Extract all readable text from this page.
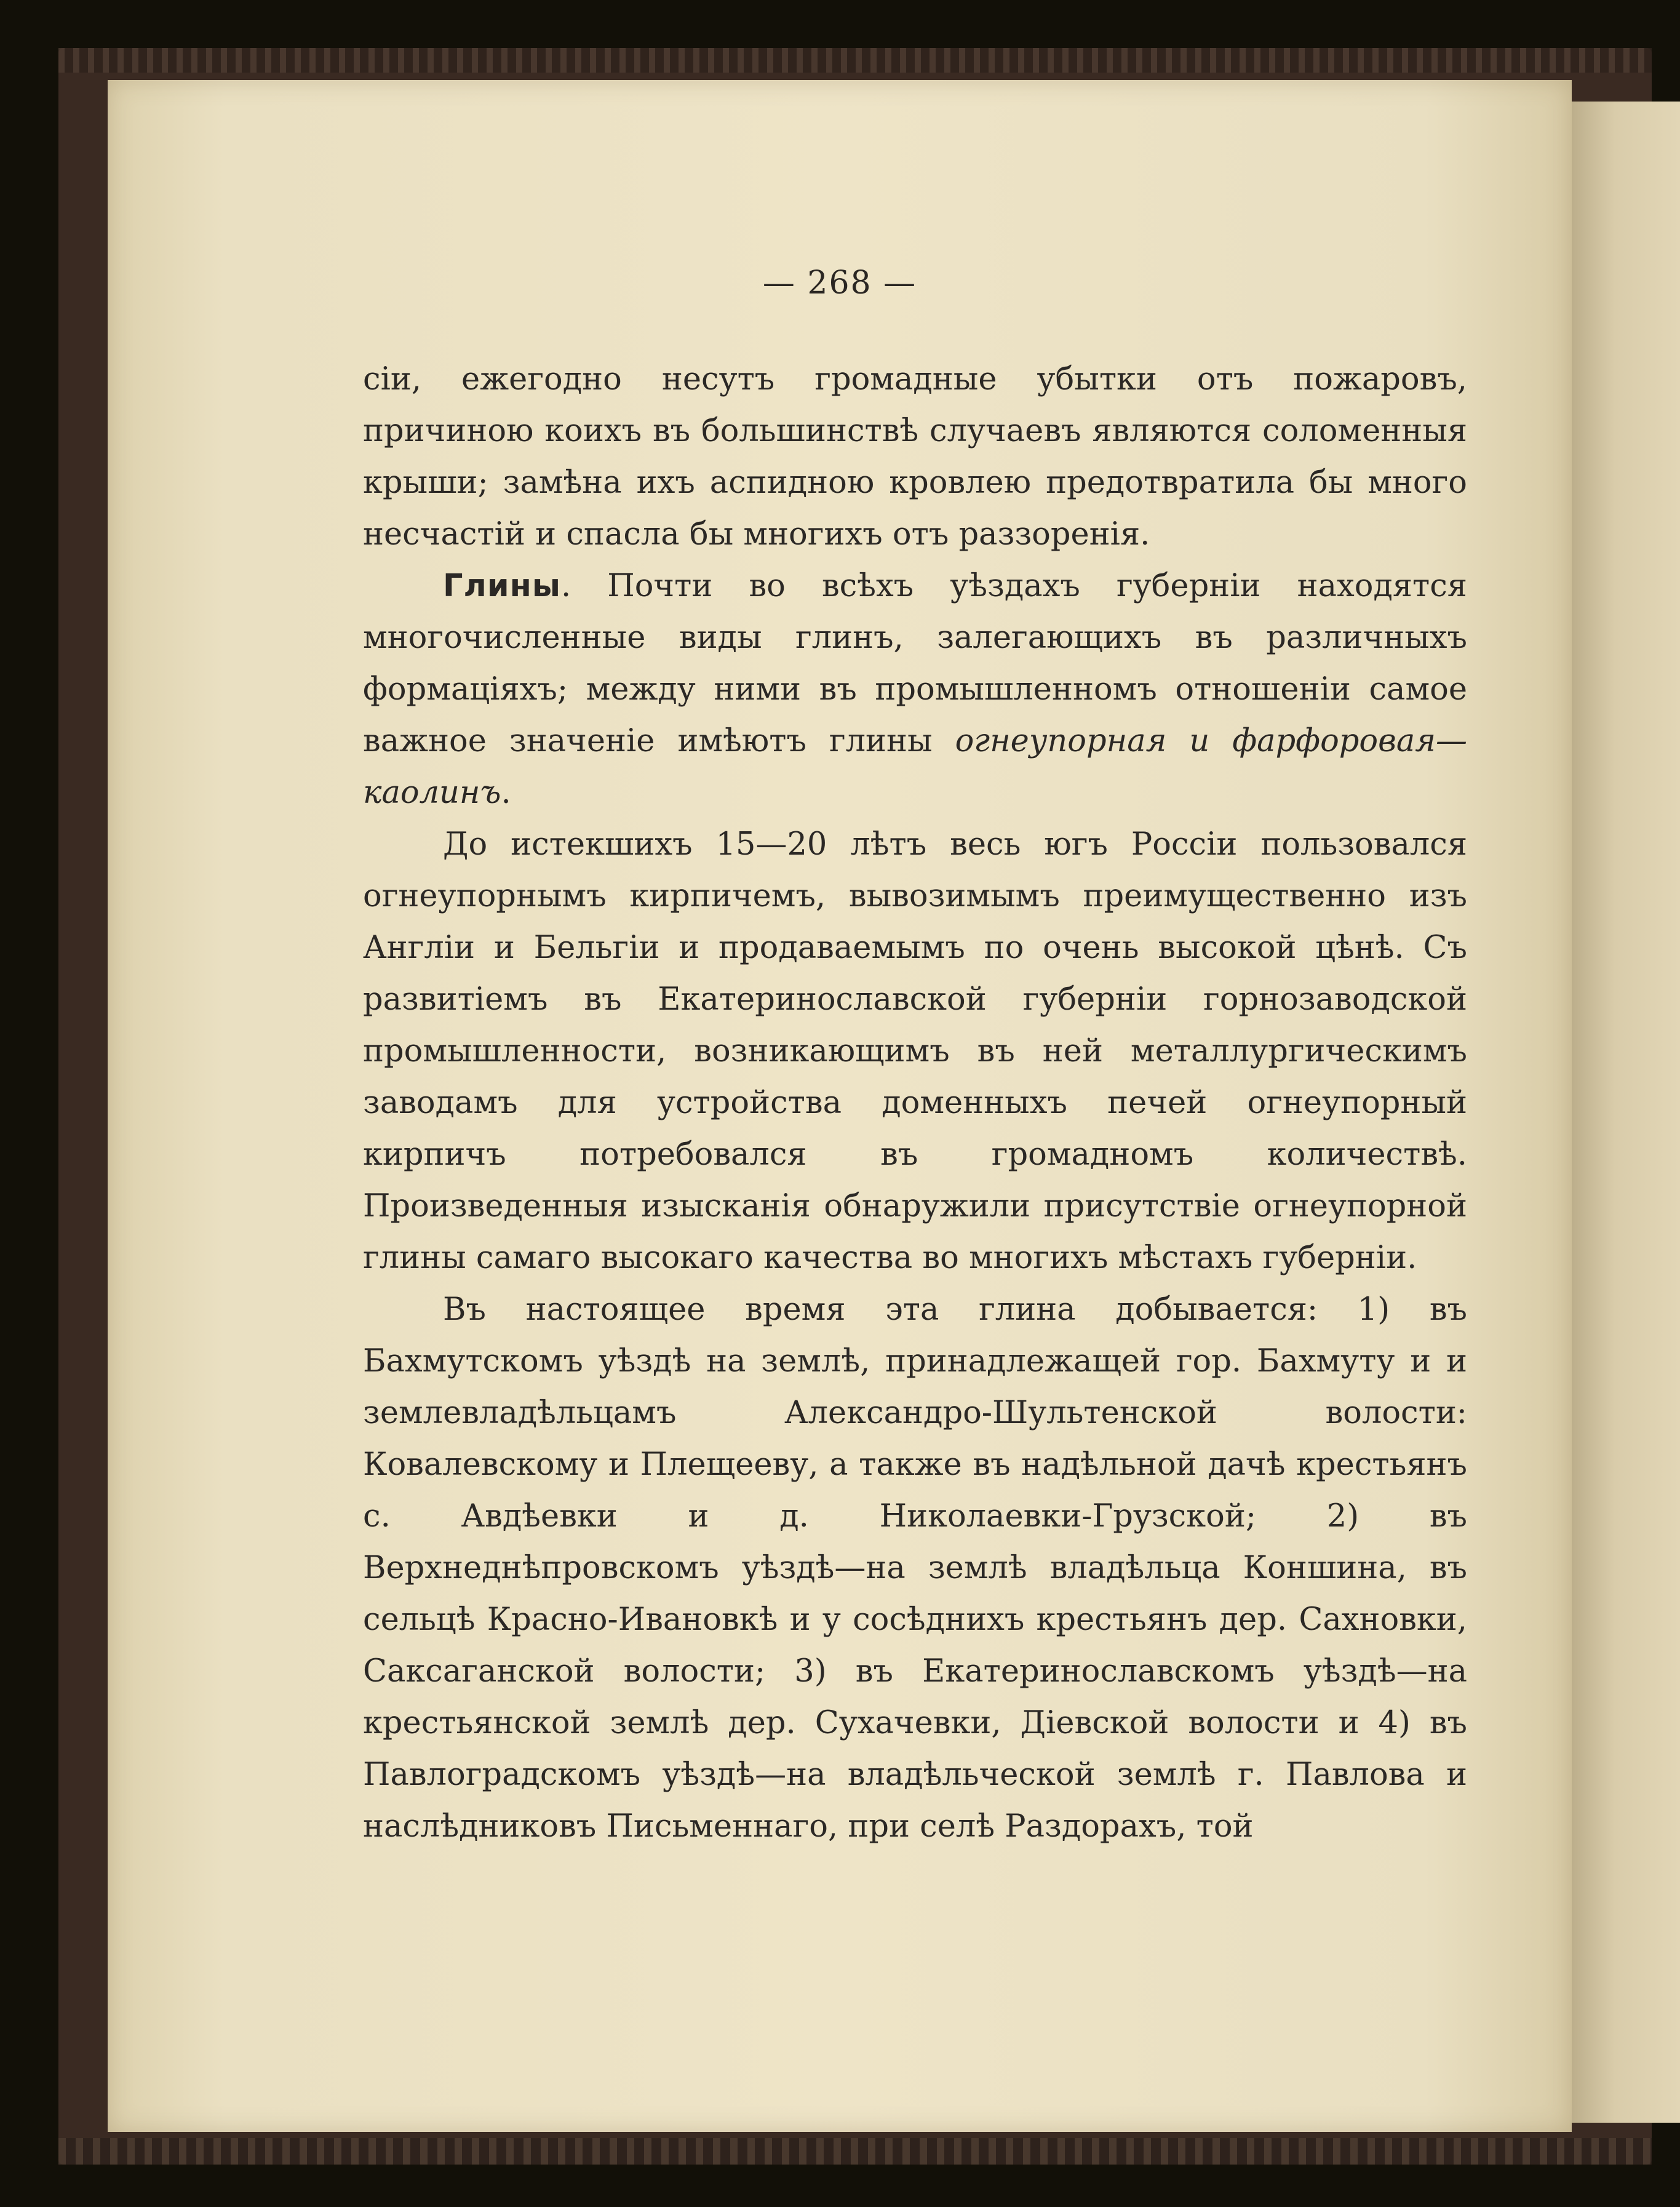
— 268 —

сіи, ежегодно несутъ громадные убытки отъ пожаровъ, причиною коихъ въ большинствѣ случаевъ являются соломенныя крыши; замѣна ихъ аспидною кровлею предотвратила бы много несчастій и спасла бы многихъ отъ раззоренія.

Глины. Почти во всѣхъ уѣздахъ губерніи находятся многочисленные виды глинъ, залегающихъ въ различныхъ формаціяхъ; между ними въ промышленномъ отношеніи самое важное значеніе имѣютъ глины огнеупорная и фарфоровая—каолинъ.

До истекшихъ 15—20 лѣтъ весь югъ Россіи пользовался огнеупорнымъ кирпичемъ, вывозимымъ преимущественно изъ Англіи и Бельгіи и продаваемымъ по очень высокой цѣнѣ. Съ развитіемъ въ Екатеринославской губерніи горнозаводской промышленности, возникающимъ въ ней металлургическимъ заводамъ для устройства доменныхъ печей огнеупорный кирпичъ потребовался въ громадномъ количествѣ. Произведенныя изысканія обнаружили присутствіе огнеупорной глины самаго высокаго качества во многихъ мѣстахъ губерніи.

Въ настоящее время эта глина добывается: 1) въ Бахмутскомъ уѣздѣ на землѣ, принадлежащей гор. Бахмуту и и землевладѣльцамъ Александро-Шультенской волости: Ковалевскому и Плещееву, а также въ надѣльной дачѣ крестьянъ с. Авдѣевки и д. Николаевки-Грузской; 2) въ Верхнеднѣпровскомъ уѣздѣ—на землѣ владѣльца Коншина, въ сельцѣ Красно-Ивановкѣ и у сосѣднихъ крестьянъ дер. Сахновки, Саксаганской волости; 3) въ Екатеринославскомъ уѣздѣ—на крестьянской землѣ дер. Сухачевки, Діевской волости и 4) въ Павлоградскомъ уѣздѣ—на владѣльческой землѣ г. Павлова и наслѣдниковъ Письменнаго, при селѣ Раздорахъ, той
